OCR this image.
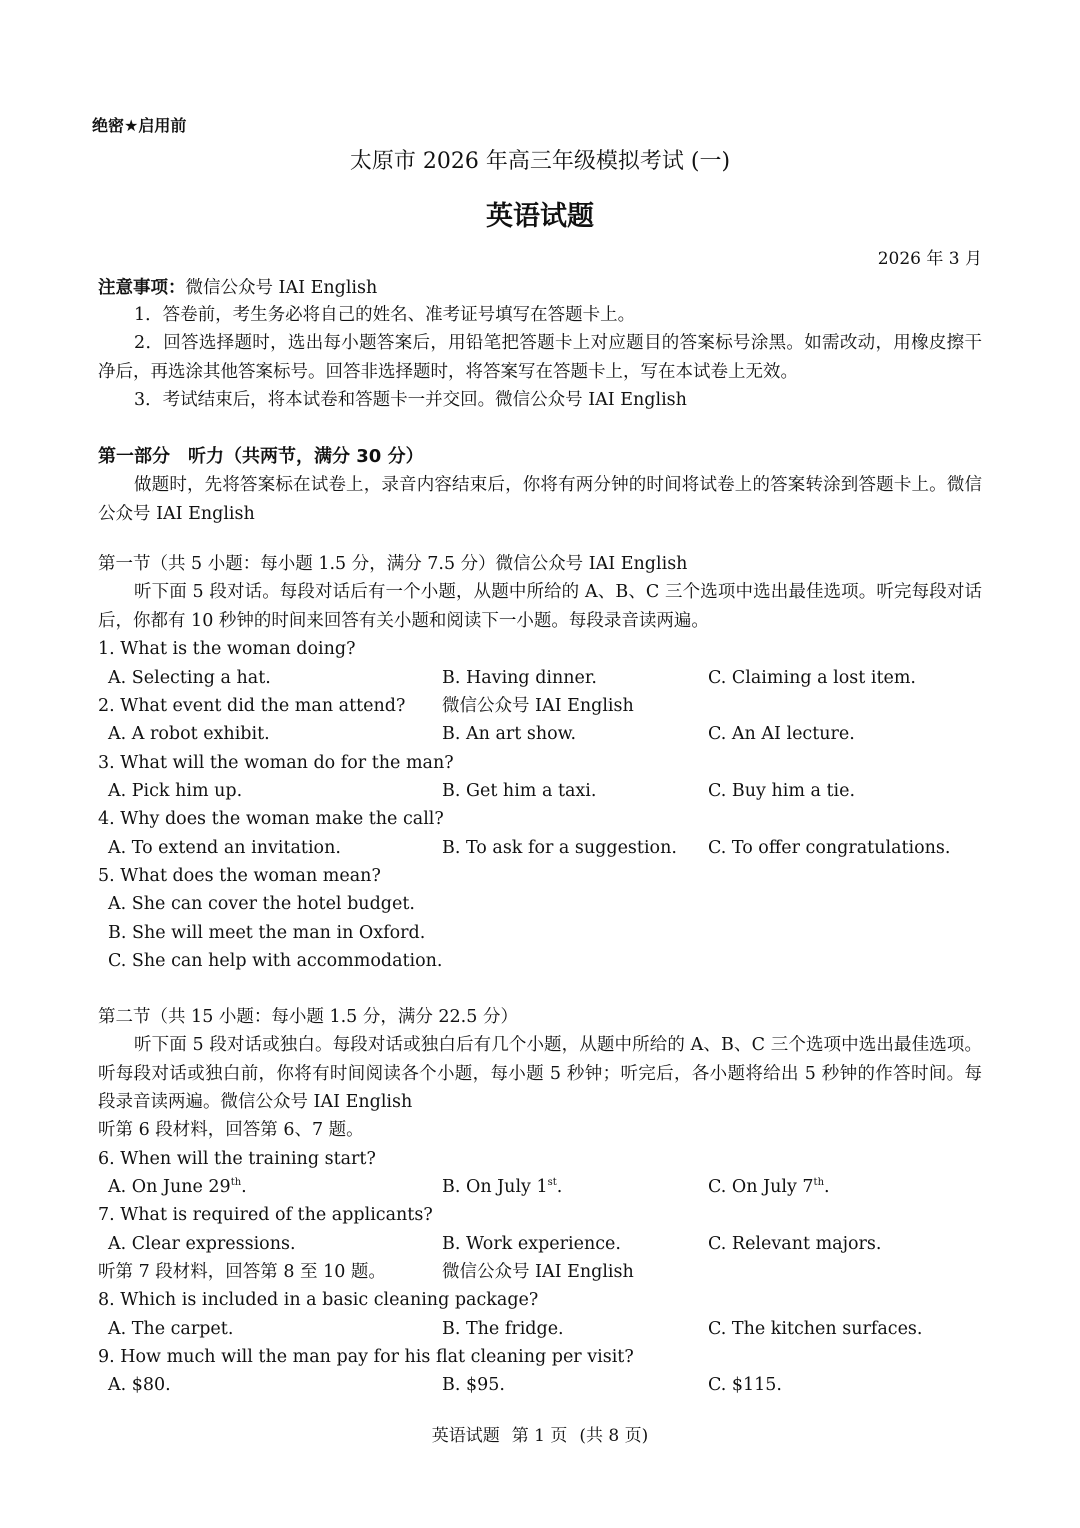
绝密★启用前
太原市 2026 年高三年级模拟考试 (一)
英语试题
2026 年 3 月
注意事项：微信公众号 IAI English
1．答卷前，考生务必将自己的姓名、准考证号填写在答题卡上。
2．回答选择题时，选出每小题答案后，用铅笔把答题卡上对应题目的答案标号涂黑。如需改动，用橡皮擦干净后，再选涂其他答案标号。回答非选择题时，将答案写在答题卡上，写在本试卷上无效。
3．考试结束后，将本试卷和答题卡一并交回。微信公众号 IAI English
第一部分 听力（共两节，满分 30 分）
做题时，先将答案标在试卷上，录音内容结束后，你将有两分钟的时间将试卷上的答案转涂到答题卡上。微信公众号 IAI English
第一节（共 5 小题：每小题 1.5 分，满分 7.5 分）微信公众号 IAI English
听下面 5 段对话。每段对话后有一个小题，从题中所给的 A、B、C 三个选项中选出最佳选项。听完每段对话后，你都有 10 秒钟的时间来回答有关小题和阅读下一小题。每段录音读两遍。
1. What is the woman doing?
A. Selecting a hat.	B. Having dinner.	C. Claiming a lost item.
2. What event did the man attend? 微信公众号 IAI English
A. A robot exhibit.	B. An art show.	C. An AI lecture.
3. What will the woman do for the man?
A. Pick him up.	B. Get him a taxi.	C. Buy him a tie.
4. Why does the woman make the call?
A. To extend an invitation.	B. To ask for a suggestion. C. To offer congratulations.
5. What does the woman mean?
A. She can cover the hotel budget.
B. She will meet the man in Oxford.
C. She can help with accommodation.
第二节（共 15 小题：每小题 1.5 分，满分 22.5 分）
听下面 5 段对话或独白。每段对话或独白后有几个小题，从题中所给的 A、B、C 三个选项中选出最佳选项。听每段对话或独白前，你将有时间阅读各个小题，每小题 5 秒钟；听完后，各小题将给出 5 秒钟的作答时间。每段录音读两遍。微信公众号 IAI English
听第 6 段材料，回答第 6、7 题。
6. When will the training start?
A. On June 29th.	B. On July 1st.	C. On July 7th.
7. What is required of the applicants?
A. Clear expressions.	B. Work experience.	C. Relevant majors.
听第 7 段材料，回答第 8 至 10 题。	微信公众号 IAI English
8. Which is included in a basic cleaning package?
A. The carpet.	B. The fridge.	C. The kitchen surfaces.
9. How much will the man pay for his flat cleaning per visit?
A. $80.	B. $95.	C. $115.
英语试题 第 1 页 (共 8 页)
